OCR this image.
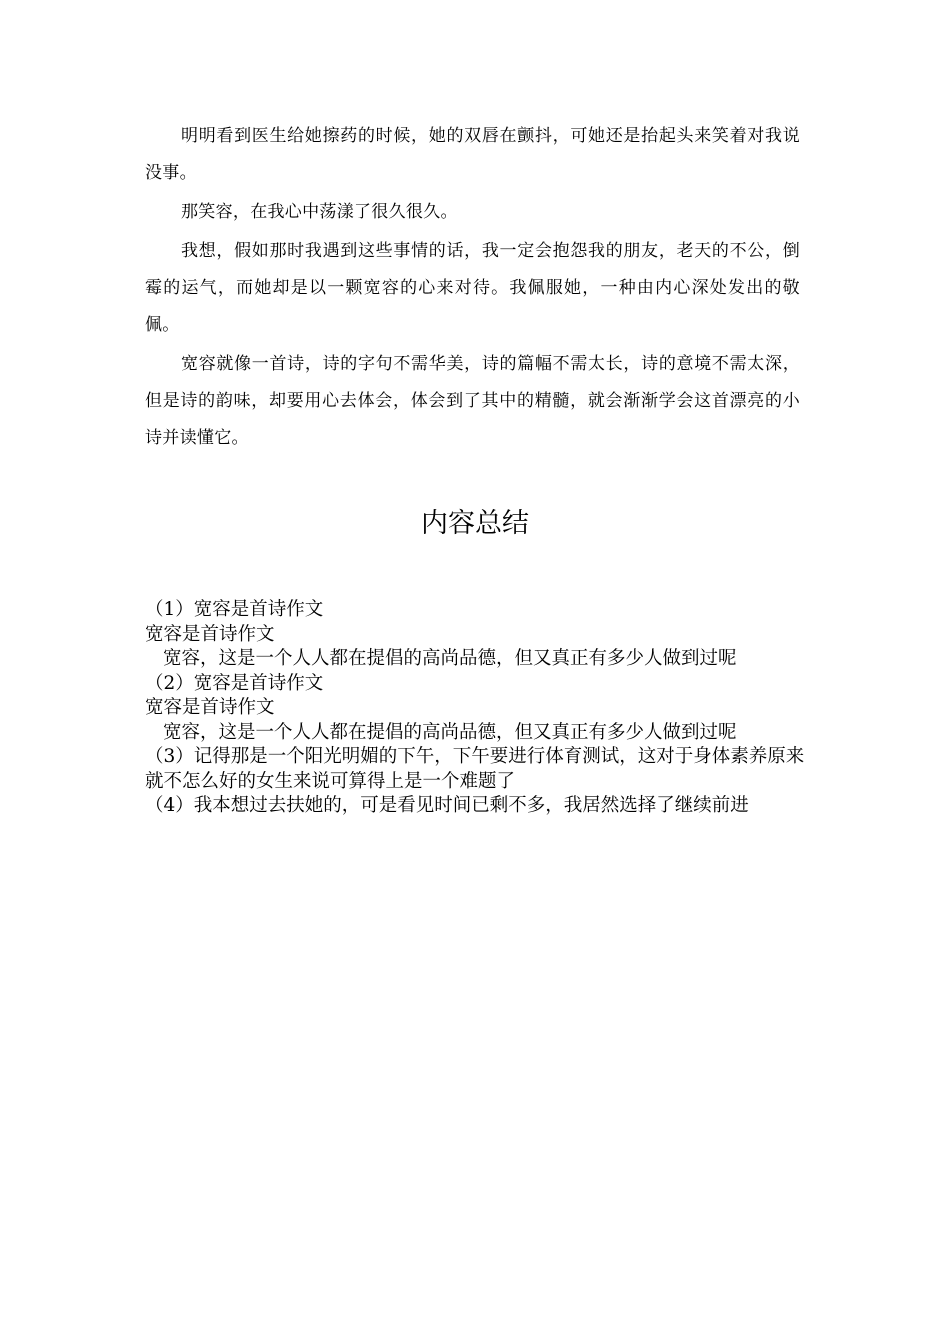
明明看到医生给她擦药的时候，她的双唇在颤抖，可她还是抬起头来笑着对我说没事。

那笑容，在我心中荡漾了很久很久。

我想，假如那时我遇到这些事情的话，我一定会抱怨我的朋友，老天的不公，倒霉的运气，而她却是以一颗宽容的心来对待。我佩服她，一种由内心深处发出的敬佩。

宽容就像一首诗，诗的字句不需华美，诗的篇幅不需太长，诗的意境不需太深，但是诗的韵味，却要用心去体会，体会到了其中的精髓，就会渐渐学会这首漂亮的小诗并读懂它。

内容总结
（1）宽容是首诗作文
宽容是首诗作文
宽容，这是一个人人都在提倡的高尚品德，但又真正有多少人做到过呢
（2）宽容是首诗作文
宽容是首诗作文
宽容，这是一个人人都在提倡的高尚品德，但又真正有多少人做到过呢
（3）记得那是一个阳光明媚的下午，下午要进行体育测试，这对于身体素养原来就不怎么好的女生来说可算得上是一个难题了
（4）我本想过去扶她的，可是看见时间已剩不多，我居然选择了继续前进
